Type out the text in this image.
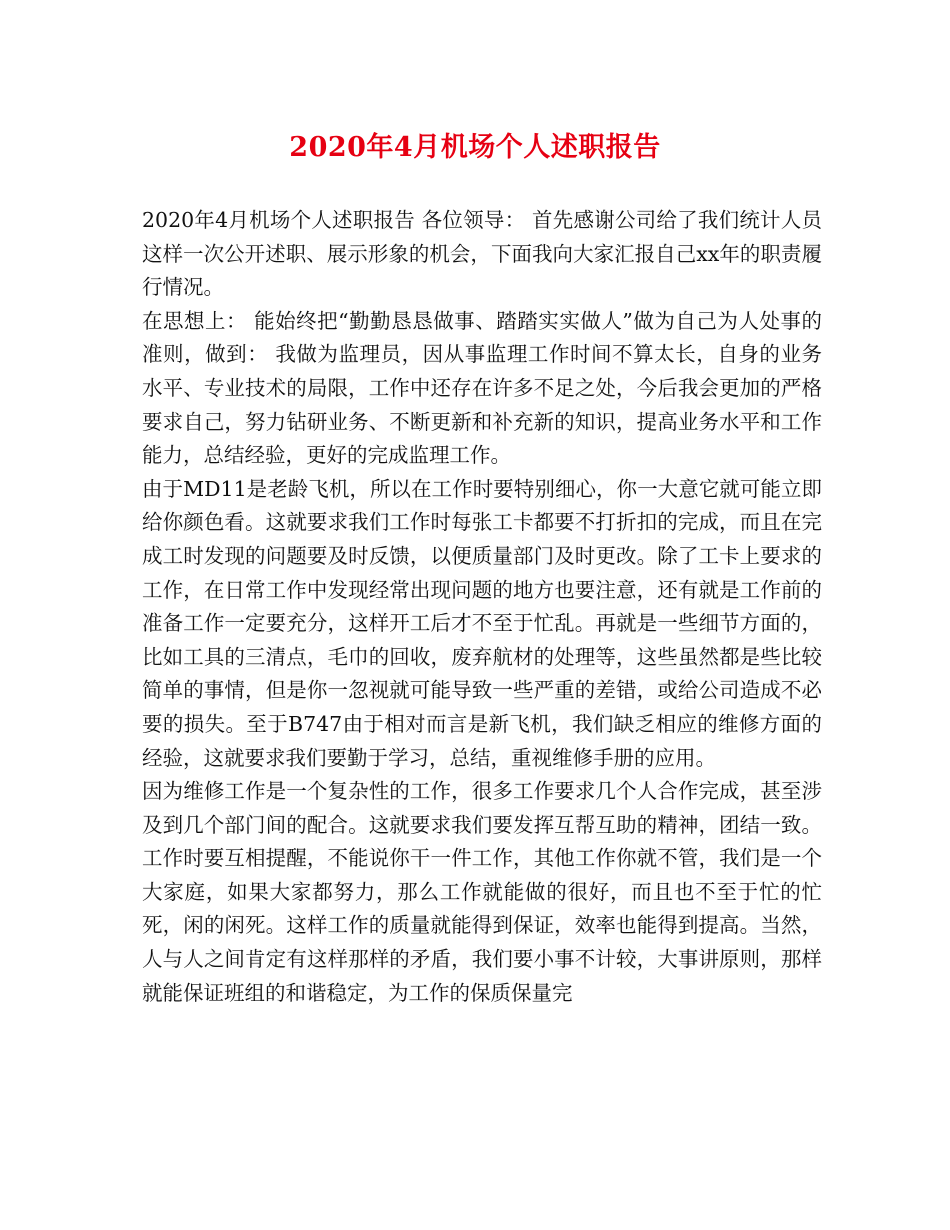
2020年4月机场个人述职报告

2020年4月机场个人述职报告 各位领导： 首先感谢公司给了我们统计人员这样一次公开述职、展示形象的机会，下面我向大家汇报自己xx年的职责履行情况。

在思想上： 能始终把“勤勤恳恳做事、踏踏实实做人”做为自己为人处事的准则，做到： 我做为监理员，因从事监理工作时间不算太长，自身的业务水平、专业技术的局限，工作中还存在许多不足之处，今后我会更加的严格要求自己，努力钻研业务、不断更新和补充新的知识，提高业务水平和工作能力，总结经验，更好的完成监理工作。

由于MD11是老龄飞机，所以在工作时要特别细心，你一大意它就可能立即给你颜色看。这就要求我们工作时每张工卡都要不打折扣的完成，而且在完成工时发现的问题要及时反馈，以便质量部门及时更改。除了工卡上要求的工作，在日常工作中发现经常出现问题的地方也要注意，还有就是工作前的准备工作一定要充分，这样开工后才不至于忙乱。再就是一些细节方面的，比如工具的三清点，毛巾的回收，废弃航材的处理等，这些虽然都是些比较简单的事情，但是你一忽视就可能导致一些严重的差错，或给公司造成不必要的损失。至于B747由于相对而言是新飞机，我们缺乏相应的维修方面的经验，这就要求我们要勤于学习，总结，重视维修手册的应用。

因为维修工作是一个复杂性的工作，很多工作要求几个人合作完成，甚至涉及到几个部门间的配合。这就要求我们要发挥互帮互助的精神，团结一致。工作时要互相提醒，不能说你干一件工作，其他工作你就不管，我们是一个大家庭，如果大家都努力，那么工作就能做的很好，而且也不至于忙的忙死，闲的闲死。这样工作的质量就能得到保证，效率也能得到提高。当然，人与人之间肯定有这样那样的矛盾，我们要小事不计较，大事讲原则，那样就能保证班组的和谐稳定，为工作的保质保量完
